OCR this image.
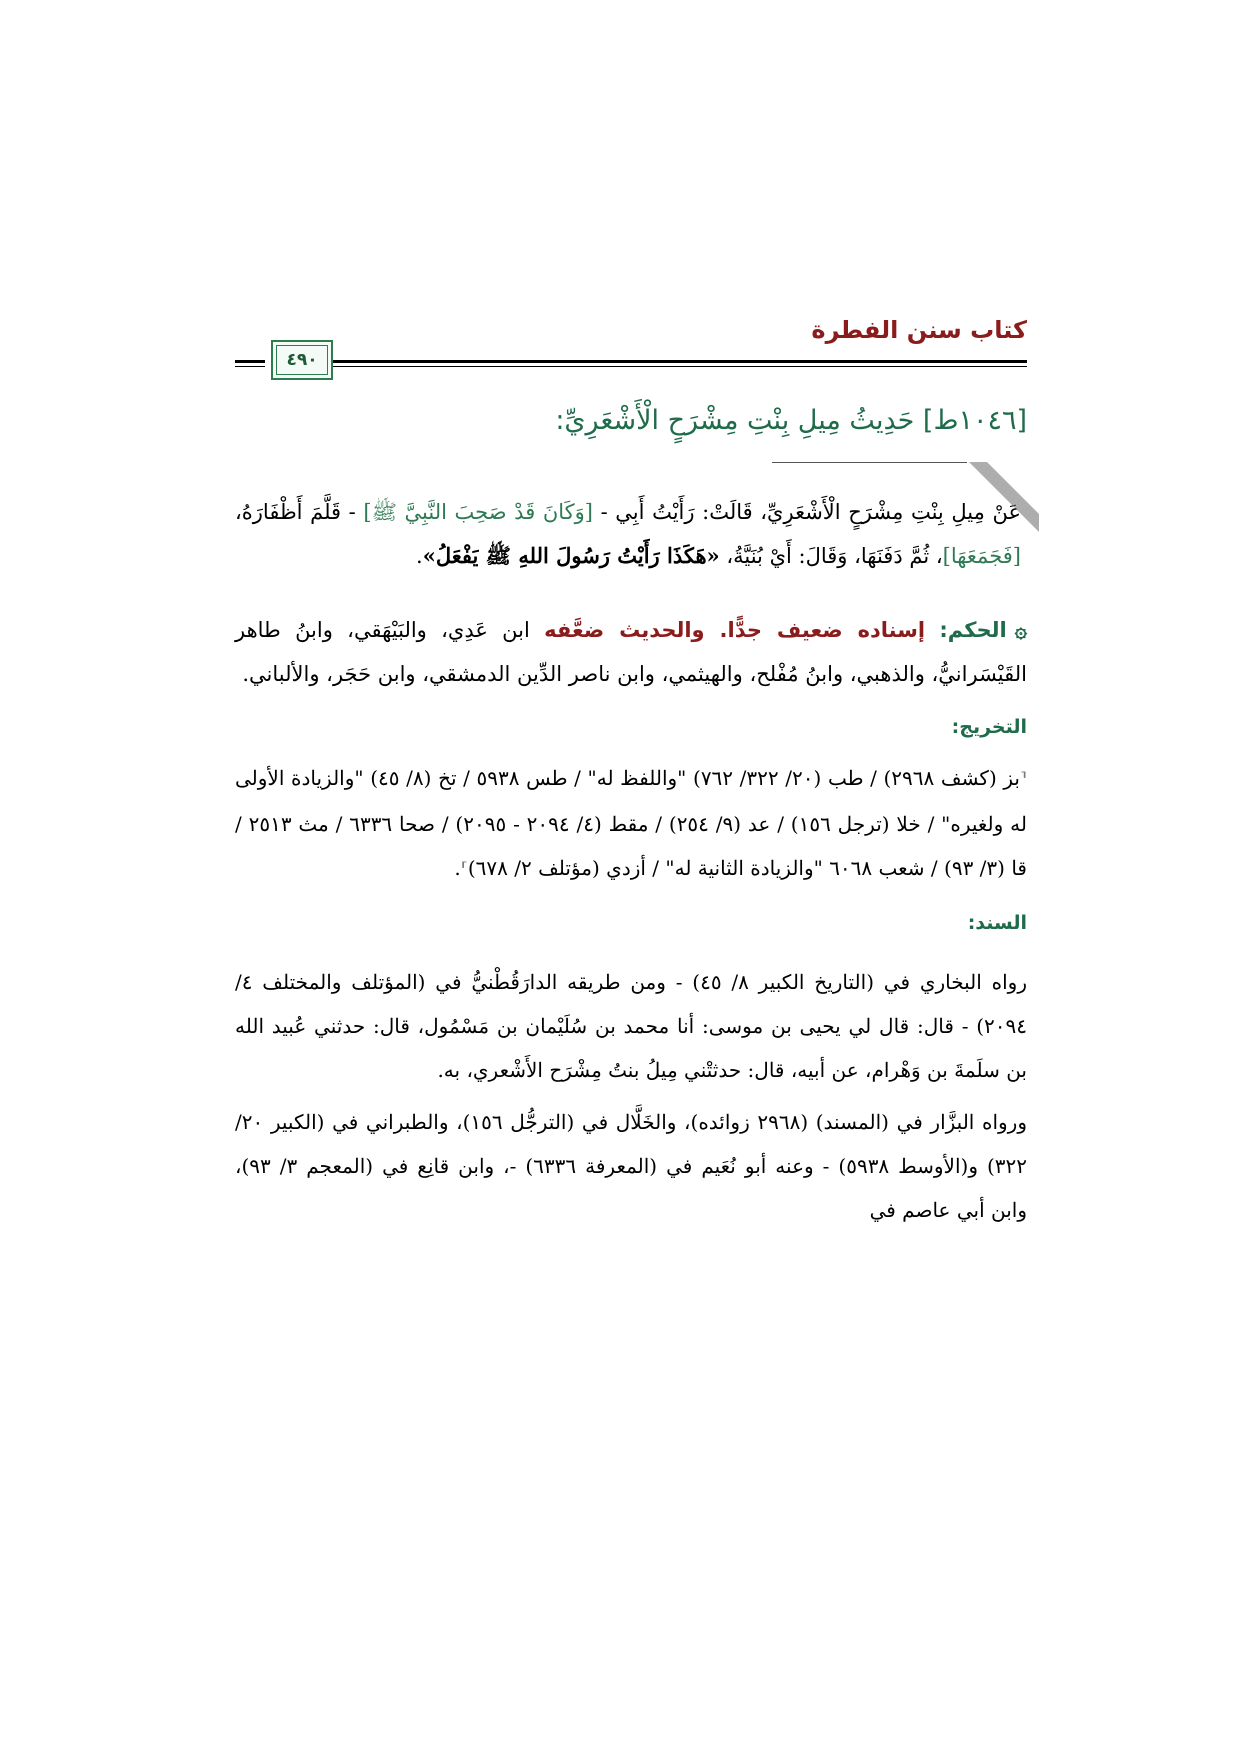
كتاب سنن الفطرة
٤٩٠
[١٠٤٦ط] حَدِيثُ مِيلِ بِنْتِ مِشْرَحٍ الْأَشْعَرِيِّ:

عَنْ مِيلِ بِنْتِ مِشْرَحٍ الْأَشْعَرِيِّ، قَالَتْ: رَأَيْتُ أَبِي - [وَكَانَ قَدْ صَحِبَ النَّبِيَّ ﷺ] - قَلَّمَ أَظْفَارَهُ، [فَجَمَعَهَا]، ثُمَّ دَفَنَهَا، وَقَالَ: أَيْ بُنَيَّةُ، «هَكَذَا رَأَيْتُ رَسُولَ اللهِ ﷺ يَفْعَلُ».

۞الحكم: إسناده ضعيف جدًّا. والحديث ضعَّفه ابن عَدِي، والبَيْهَقي، وابنُ طاهر القَيْسَرانيُّ، والذهبي، وابنُ مُفْلح، والهيثمي، وابن ناصر الدِّين الدمشقي، وابن حَجَر، والألباني.

التخريج:

⸢بز (كشف ٢٩٦٨) / طب (٢٠/ ٣٢٢/ ٧٦٢) "واللفظ له" / طس ٥٩٣٨ / تخ (٨/ ٤٥) "والزيادة الأولى له ولغيره" / خلا (ترجل ١٥٦) / عد (٩/ ٢٥٤) / مقط (٤/ ٢٠٩٤ - ٢٠٩٥) / صحا ٦٣٣٦ / مث ٢٥١٣ / قا (٣/ ٩٣) / شعب ٦٠٦٨ "والزيادة الثانية له" / أزدي (مؤتلف ٢/ ٦٧٨)⸣.

السند:

رواه البخاري في (التاريخ الكبير ٨/ ٤٥) - ومن طريقه الدارَقُطْنيُّ في (المؤتلف والمختلف ٤/ ٢٠٩٤) - قال: قال لي يحيى بن موسى: أنا محمد بن سُلَيْمان بن مَسْمُول، قال: حدثني عُبيد الله بن سلَمةَ بن وَهْرام، عن أبيه، قال: حدثتْني مِيلُ بنتُ مِشْرَح الأَشْعري، به.

ورواه البزَّار في (المسند) (٢٩٦٨ زوائده)، والخَلَّال في (الترجُّل ١٥٦)، والطبراني في (الكبير ٢٠/ ٣٢٢) و(الأوسط ٥٩٣٨) - وعنه أبو نُعَيم في (المعرفة ٦٣٣٦) -، وابن قانِع في (المعجم ٣/ ٩٣)، وابن أبي عاصم في
